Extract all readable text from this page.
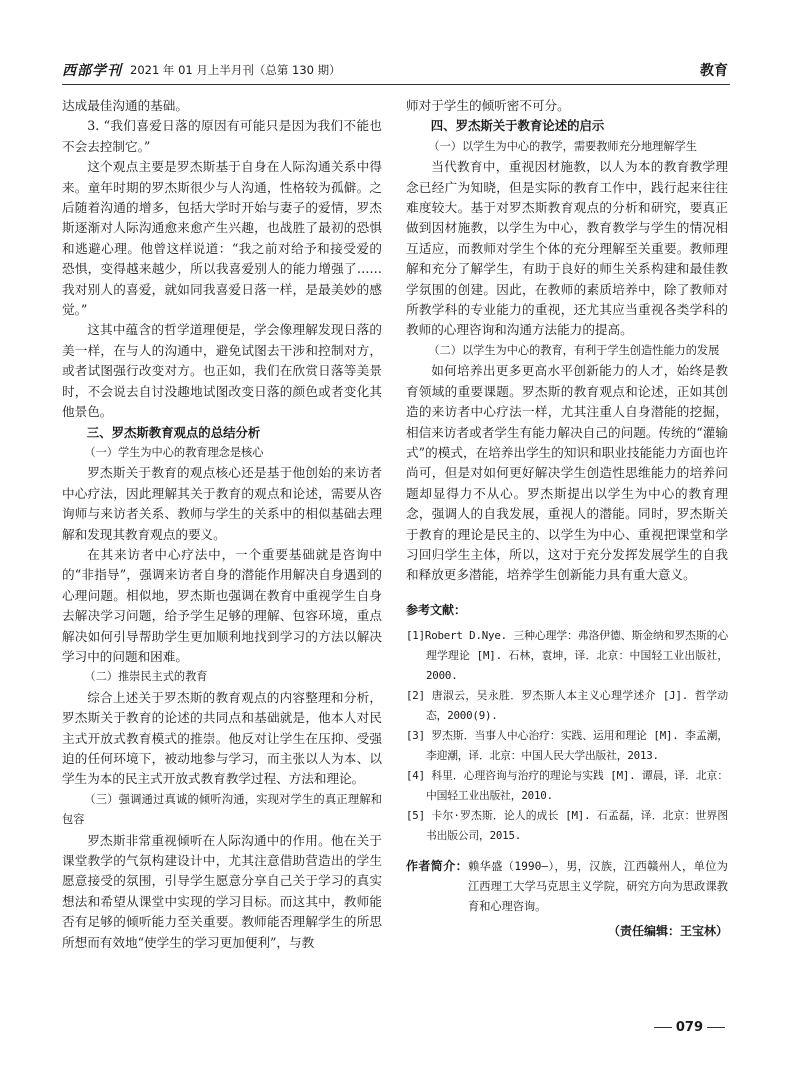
西部学刊 2021 年 01 月上半月刊（总第 130 期）	教育

达成最佳沟通的基础。

3. “我们喜爱日落的原因有可能只是因为我们不能也不会去控制它。”

这个观点主要是罗杰斯基于自身在人际沟通关系中得来。童年时期的罗杰斯很少与人沟通，性格较为孤僻。之后随着沟通的增多，包括大学时开始与妻子的爱情，罗杰斯逐渐对人际沟通愈来愈产生兴趣，也战胜了最初的恐惧和逃避心理。他曾这样说道：“我之前对给予和接受爱的恐惧，变得越来越少，所以我喜爱别人的能力增强了……我对别人的喜爱，就如同我喜爱日落一样，是最美妙的感觉。”

这其中蕴含的哲学道理便是，学会像理解发现日落的美一样，在与人的沟通中，避免试图去干涉和控制对方，或者试图强行改变对方。也正如，我们在欣赏日落等美景时，不会说去自讨没趣地试图改变日落的颜色或者变化其他景色。

三、罗杰斯教育观点的总结分析

（一）学生为中心的教育理念是核心

罗杰斯关于教育的观点核心还是基于他创始的来访者中心疗法，因此理解其关于教育的观点和论述，需要从咨询师与来访者关系、教师与学生的关系中的相似基础去理解和发现其教育观点的要义。

在其来访者中心疗法中，一个重要基础就是咨询中的“非指导”，强调来访者自身的潜能作用解决自身遇到的心理问题。相似地，罗杰斯也强调在教育中重视学生自身去解决学习问题，给予学生足够的理解、包容环境，重点解决如何引导帮助学生更加顺利地找到学习的方法以解决学习中的问题和困难。

（二）推崇民主式的教育

综合上述关于罗杰斯的教育观点的内容整理和分析，罗杰斯关于教育的论述的共同点和基础就是，他本人对民主式开放式教育模式的推崇。他反对让学生在压抑、受强迫的任何环境下，被动地参与学习，而主张以人为本、以学生为本的民主式开放式教育教学过程、方法和理论。

（三）强调通过真诚的倾听沟通，实现对学生的真正理解和包容

罗杰斯非常重视倾听在人际沟通中的作用。他在关于课堂教学的气氛构建设计中，尤其注意借助营造出的学生愿意接受的氛围，引导学生愿意分享自己关于学习的真实想法和希望从课堂中实现的学习目标。而这其中，教师能否有足够的倾听能力至关重要。教师能否理解学生的所思所想而有效地“使学生的学习更加便利”，与教

师对于学生的倾听密不可分。

四、罗杰斯关于教育论述的启示

（一）以学生为中心的教学，需要教师充分地理解学生

当代教育中，重视因材施教，以人为本的教育教学理念已经广为知晓，但是实际的教育工作中，践行起来往往难度较大。基于对罗杰斯教育观点的分析和研究，要真正做到因材施教，以学生为中心，教育教学与学生的情况相互适应，而教师对学生个体的充分理解至关重要。教师理解和充分了解学生，有助于良好的师生关系构建和最佳教学氛围的创建。因此，在教师的素质培养中，除了教师对所教学科的专业能力的重视，还尤其应当重视各类学科的教师的心理咨询和沟通方法能力的提高。

（二）以学生为中心的教育，有利于学生创造性能力的发展

如何培养出更多更高水平创新能力的人才，始终是教育领域的重要课题。罗杰斯的教育观点和论述，正如其创造的来访者中心疗法一样，尤其注重人自身潜能的挖掘，相信来访者或者学生有能力解决自己的问题。传统的“灌输式”的模式，在培养出学生的知识和职业技能能力方面也许尚可，但是对如何更好解决学生创造性思维能力的培养问题却显得力不从心。罗杰斯提出以学生为中心的教育理念，强调人的自我发展，重视人的潜能。同时，罗杰斯关于教育的理论是民主的、以学生为中心、重视把课堂和学习回归学生主体，所以，这对于充分发挥发展学生的自我和释放更多潜能，培养学生创新能力具有重大意义。

参考文献：
[1]Robert D.Nye. 三种心理学：弗洛伊德、斯金纳和罗杰斯的心理学理论 [M]. 石林，袁坤，译．北京：中国轻工业出版社，2000.
[2] 唐淑云，吴永胜．罗杰斯人本主义心理学述介 [J]. 哲学动态，2000(9).
[3] 罗杰斯．当事人中心治疗：实践、运用和理论 [M]. 李孟潮，李迎潮，译．北京：中国人民大学出版社，2013.
[4] 科里．心理咨询与治疗的理论与实践 [M]. 谭晨，译．北京：中国轻工业出版社，2010.
[5] 卡尔·罗杰斯．论人的成长 [M]. 石孟磊，译．北京：世界图书出版公司，2015.
作者简介：赖华盛（1990—），男，汉族，江西赣州人，单位为江西理工大学马克思主义学院，研究方向为思政课教育和心理咨询。
（责任编辑：王宝林）
079
